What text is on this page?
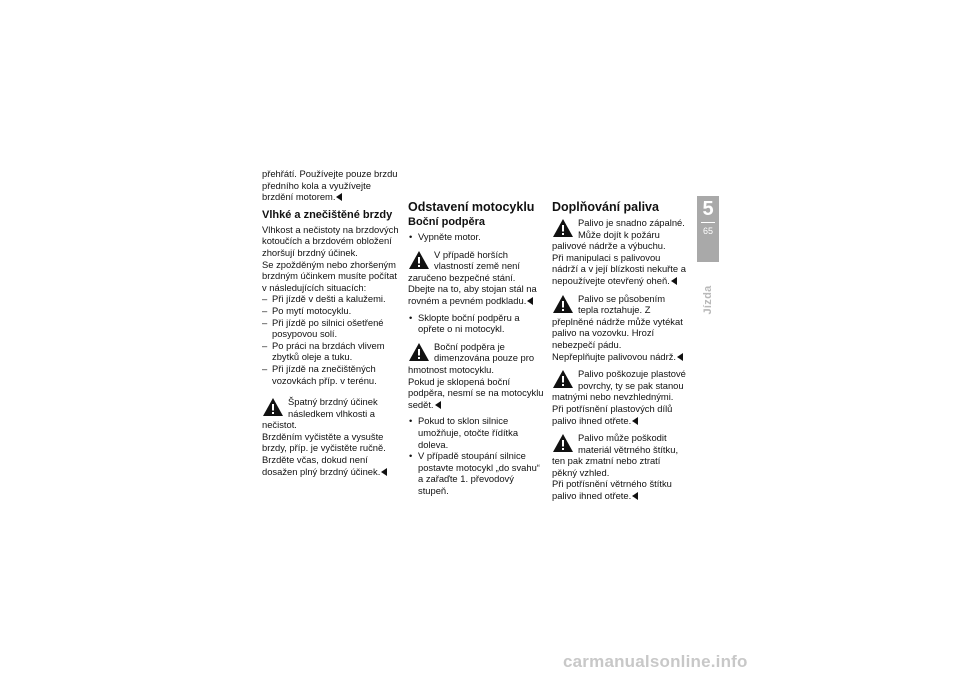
přehřátí. Používejte pouze brzdu předního kola a využívejte brzdění motorem.

Vlhké a znečištěné brzdy

Vlhkost a nečistoty na brzdových kotoučích a brzdovém obložení zhoršují brzdný účinek.

Se zpožděným nebo zhoršeným brzdným účinkem musíte počítat v následujících situacích:

– Při jízdě v dešti a kalužemi.
– Po mytí motocyklu.
– Při jízdě po silnici ošetřené posypovou solí.
– Po práci na brzdách vlivem zbytků oleje a tuku.
– Při jízdě na znečištěných vozovkách příp. v terénu.

Špatný brzdný účinek následkem vlhkosti a nečistot.

Brzděním vyčistěte a vysušte brzdy, příp. je vyčistěte ručně. Brzděte včas, dokud není dosažen plný brzdný účinek.

Odstavení motocyklu
Boční podpěra
• Vypněte motor.

V případě horších vlastností země není zaručeno bezpečné stání.

Dbejte na to, aby stojan stál na rovném a pevném podkladu.

• Sklopte boční podpěru a opřete o ni motocykl.

Boční podpěra je dimenzována pouze pro hmotnost motocyklu.

Pokud je sklopená boční podpěra, nesmí se na motocyklu sedět.

• Pokud to sklon silnice umožňuje, otočte řídítka doleva.
• V případě stoupání silnice postavte motocykl „do svahu“ a zařaďte 1. převodový stupeň.
Doplňování paliva

Palivo je snadno zápalné. Může dojít k požáru palivové nádrže a výbuchu.

Při manipulaci s palivovou nádrží a v její blízkosti nekuřte a nepoužívejte otevřený oheň.

Palivo se působením tepla roztahuje. Z přeplněné nádrže může vytékat palivo na vozovku. Hrozí nebezpečí pádu.

Nepřeplňujte palivovou nádrž.

Palivo poškozuje plastové povrchy, ty se pak stanou matnými nebo nevzhlednými.

Při potřísnění plastových dílů palivo ihned otřete.

Palivo může poškodit materiál větrného štítku, ten pak zmatní nebo ztratí pěkný vzhled.

Při potřísnění větrného štítku palivo ihned otřete.

5
65
Jízda
carmanualsonline.info
